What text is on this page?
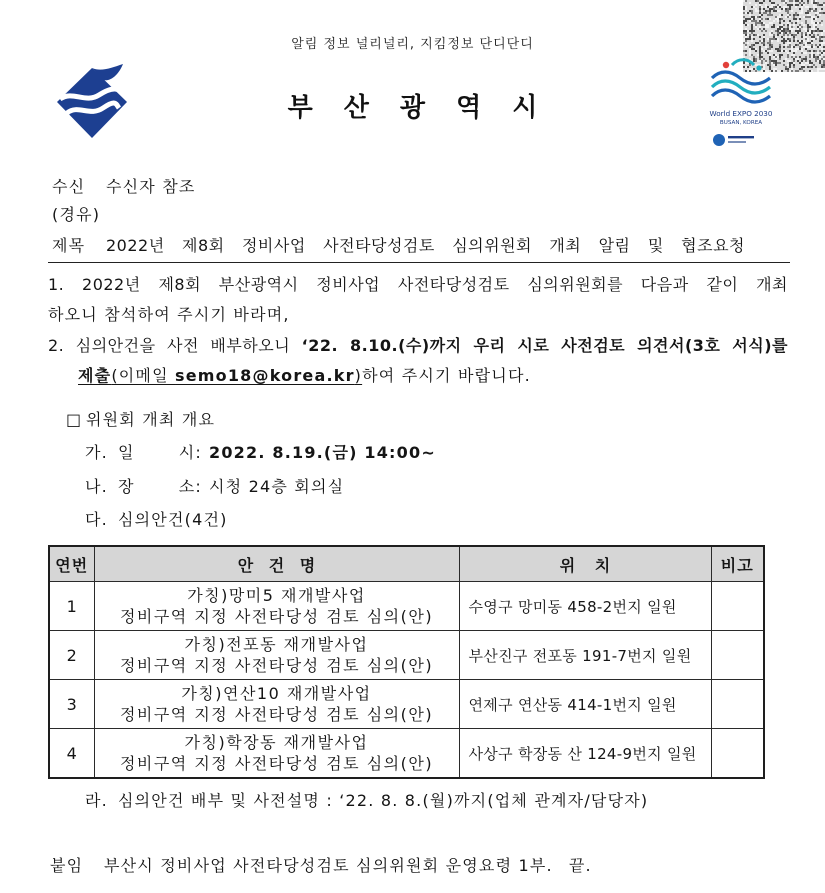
알림 정보 널리널리, 지킴정보 단디단디
부 산 광 역 시	World EXPO 2030
BUSAN, KOREA
수신 수신자 참조
(경유)
제목 2022년 제8회 정비사업 사전타당성검토 심의위원회 개최 알림 및 협조요청
1. 2022년 제8회 부산광역시 정비사업 사전타당성검토 심의위원회를 다음과 같이 개최
하오니 참석하여 주시기 바라며,
2. 심의안건을 사전 배부하오니 ‘22. 8.10.(수)까지 우리 시로 사전검토 의견서(3호 서식)를
제출(이메일 semo18@korea.kr)하여 주시기 바랍니다.
□ 위원회 개최 개요
가. 일 시: 2022. 8.19.(금) 14:00~
나. 장 소: 시청 24층 회의실
다. 심의안건(4건)
연번	안 건 명	위 치	비고
1	가칭)망미5 재개발사업
정비구역 지정 사전타당성 검토 심의(안)	수영구 망미동 458-2번지 일원	
2	가칭)전포동 재개발사업
정비구역 지정 사전타당성 검토 심의(안)	부산진구 전포동 191-7번지 일원	
3	가칭)연산10 재개발사업
정비구역 지정 사전타당성 검토 심의(안)	연제구 연산동 414-1번지 일원	
4	가칭)학장동 재개발사업
정비구역 지정 사전타당성 검토 심의(안)	사상구 학장동 산 124-9번지 일원	
라. 심의안건 배부 및 사전설명 : ‘22. 8. 8.(월)까지(업체 관계자/담당자)
붙임 부산시 정비사업 사전타당성검토 심의위원회 운영요령 1부. 끝.
